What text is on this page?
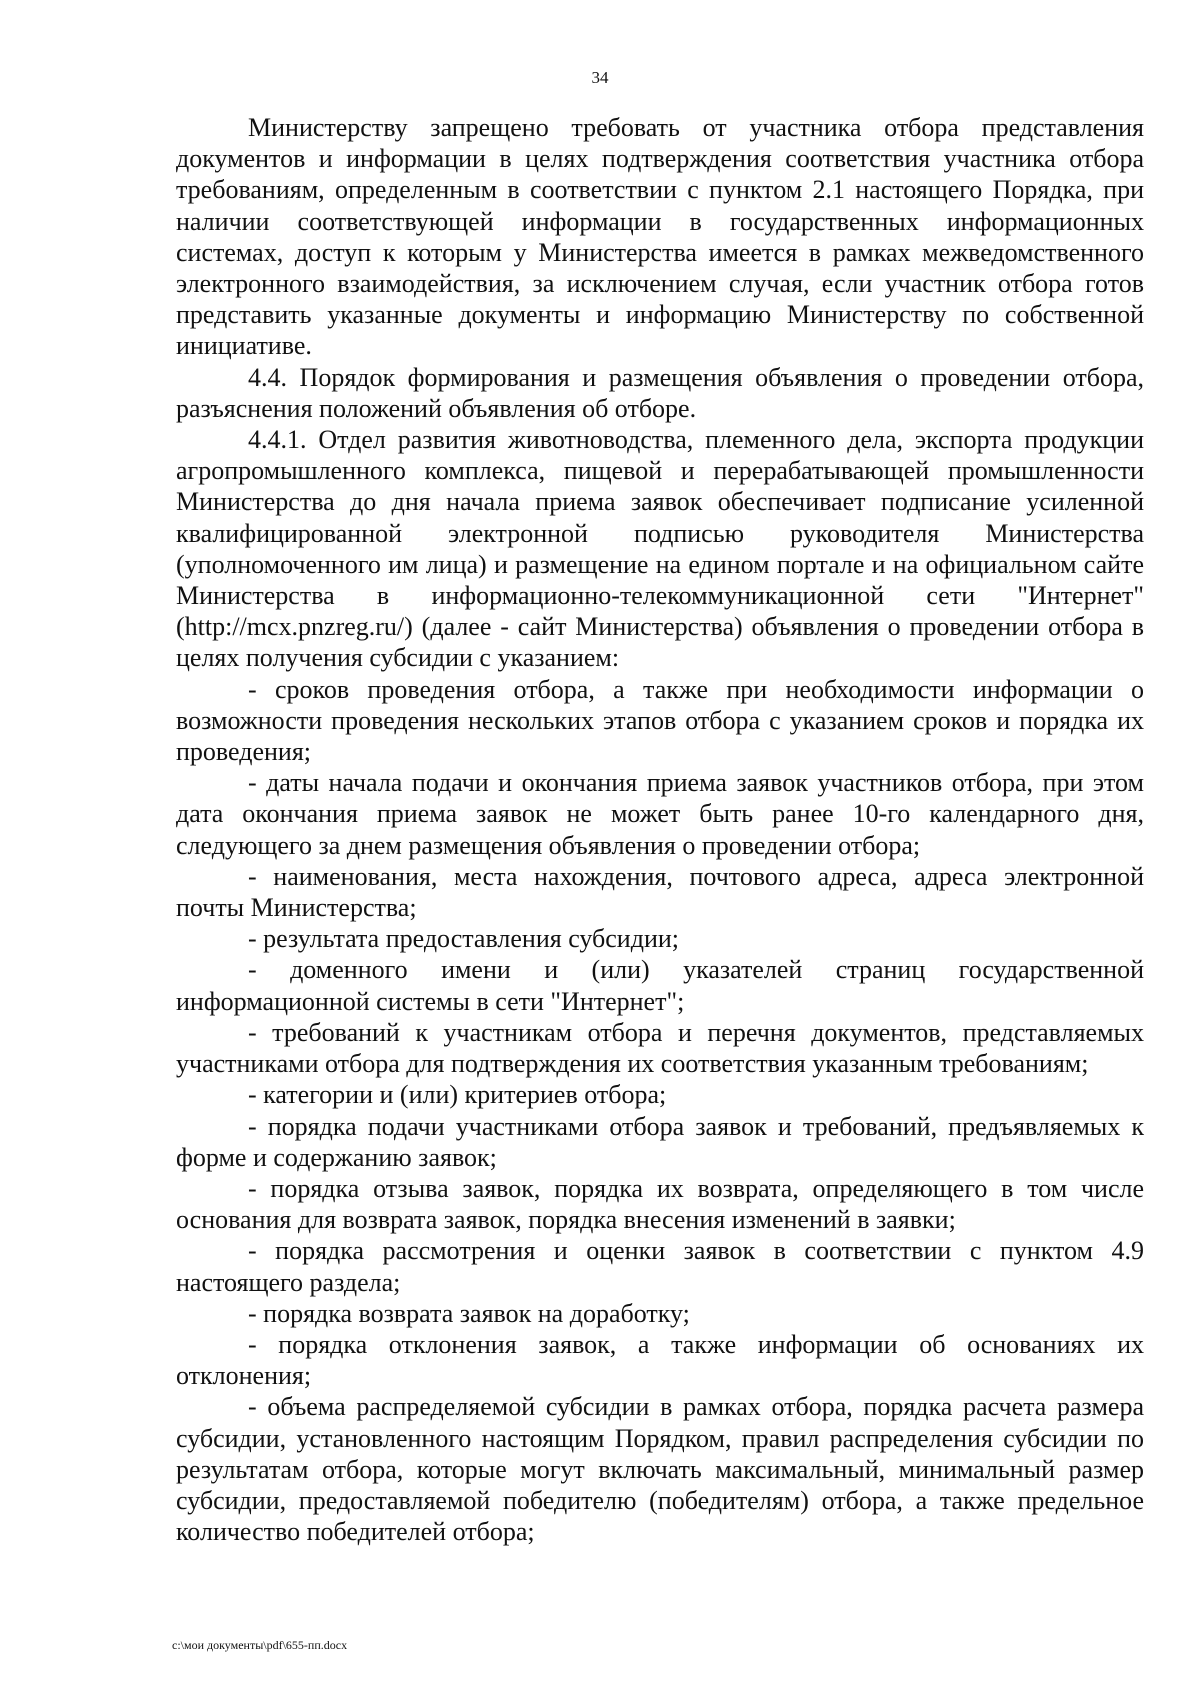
34

Министерству запрещено требовать от участника отбора представления документов и информации в целях подтверждения соответствия участника отбора требованиям, определенным в соответствии с пунктом 2.1 настоящего Порядка, при наличии соответствующей информации в государственных информационных системах, доступ к которым у Министерства имеется в рамках межведомственного электронного взаимодействия, за исключением случая, если участник отбора готов представить указанные документы и информацию Министерству по собственной инициативе.

4.4. Порядок формирования и размещения объявления о проведении отбора, разъяснения положений объявления об отборе.

4.4.1. Отдел развития животноводства, племенного дела, экспорта продукции агропромышленного комплекса, пищевой и перерабатывающей промышленности Министерства до дня начала приема заявок обеспечивает подписание усиленной квалифицированной электронной подписью руководителя Министерства (уполномоченного им лица) и размещение на едином портале и на официальном сайте Министерства в информационно-телекоммуникационной сети "Интернет" (http://mcx.pnzreg.ru/) (далее - сайт Министерства) объявления о проведении отбора в целях получения субсидии с указанием:

- сроков проведения отбора, а также при необходимости информации о возможности проведения нескольких этапов отбора с указанием сроков и порядка их проведения;

- даты начала подачи и окончания приема заявок участников отбора, при этом дата окончания приема заявок не может быть ранее 10-го календарного дня, следующего за днем размещения объявления о проведении отбора;

- наименования, места нахождения, почтового адреса, адреса электронной почты Министерства;

- результата предоставления субсидии;

- доменного имени и (или) указателей страниц государственной информационной системы в сети "Интернет";

- требований к участникам отбора и перечня документов, представляемых участниками отбора для подтверждения их соответствия указанным требованиям;

- категории и (или) критериев отбора;

- порядка подачи участниками отбора заявок и требований, предъявляемых к форме и содержанию заявок;

- порядка отзыва заявок, порядка их возврата, определяющего в том числе основания для возврата заявок, порядка внесения изменений в заявки;

- порядка рассмотрения и оценки заявок в соответствии с пунктом 4.9 настоящего раздела;

- порядка возврата заявок на доработку;

- порядка отклонения заявок, а также информации об основаниях их отклонения;

- объема распределяемой субсидии в рамках отбора, порядка расчета размера субсидии, установленного настоящим Порядком, правил распределения субсидии по результатам отбора, которые могут включать максимальный, минимальный размер субсидии, предоставляемой победителю (победителям) отбора, а также предельное количество победителей отбора;

c:\мои документы\pdf\655-пп.docx
